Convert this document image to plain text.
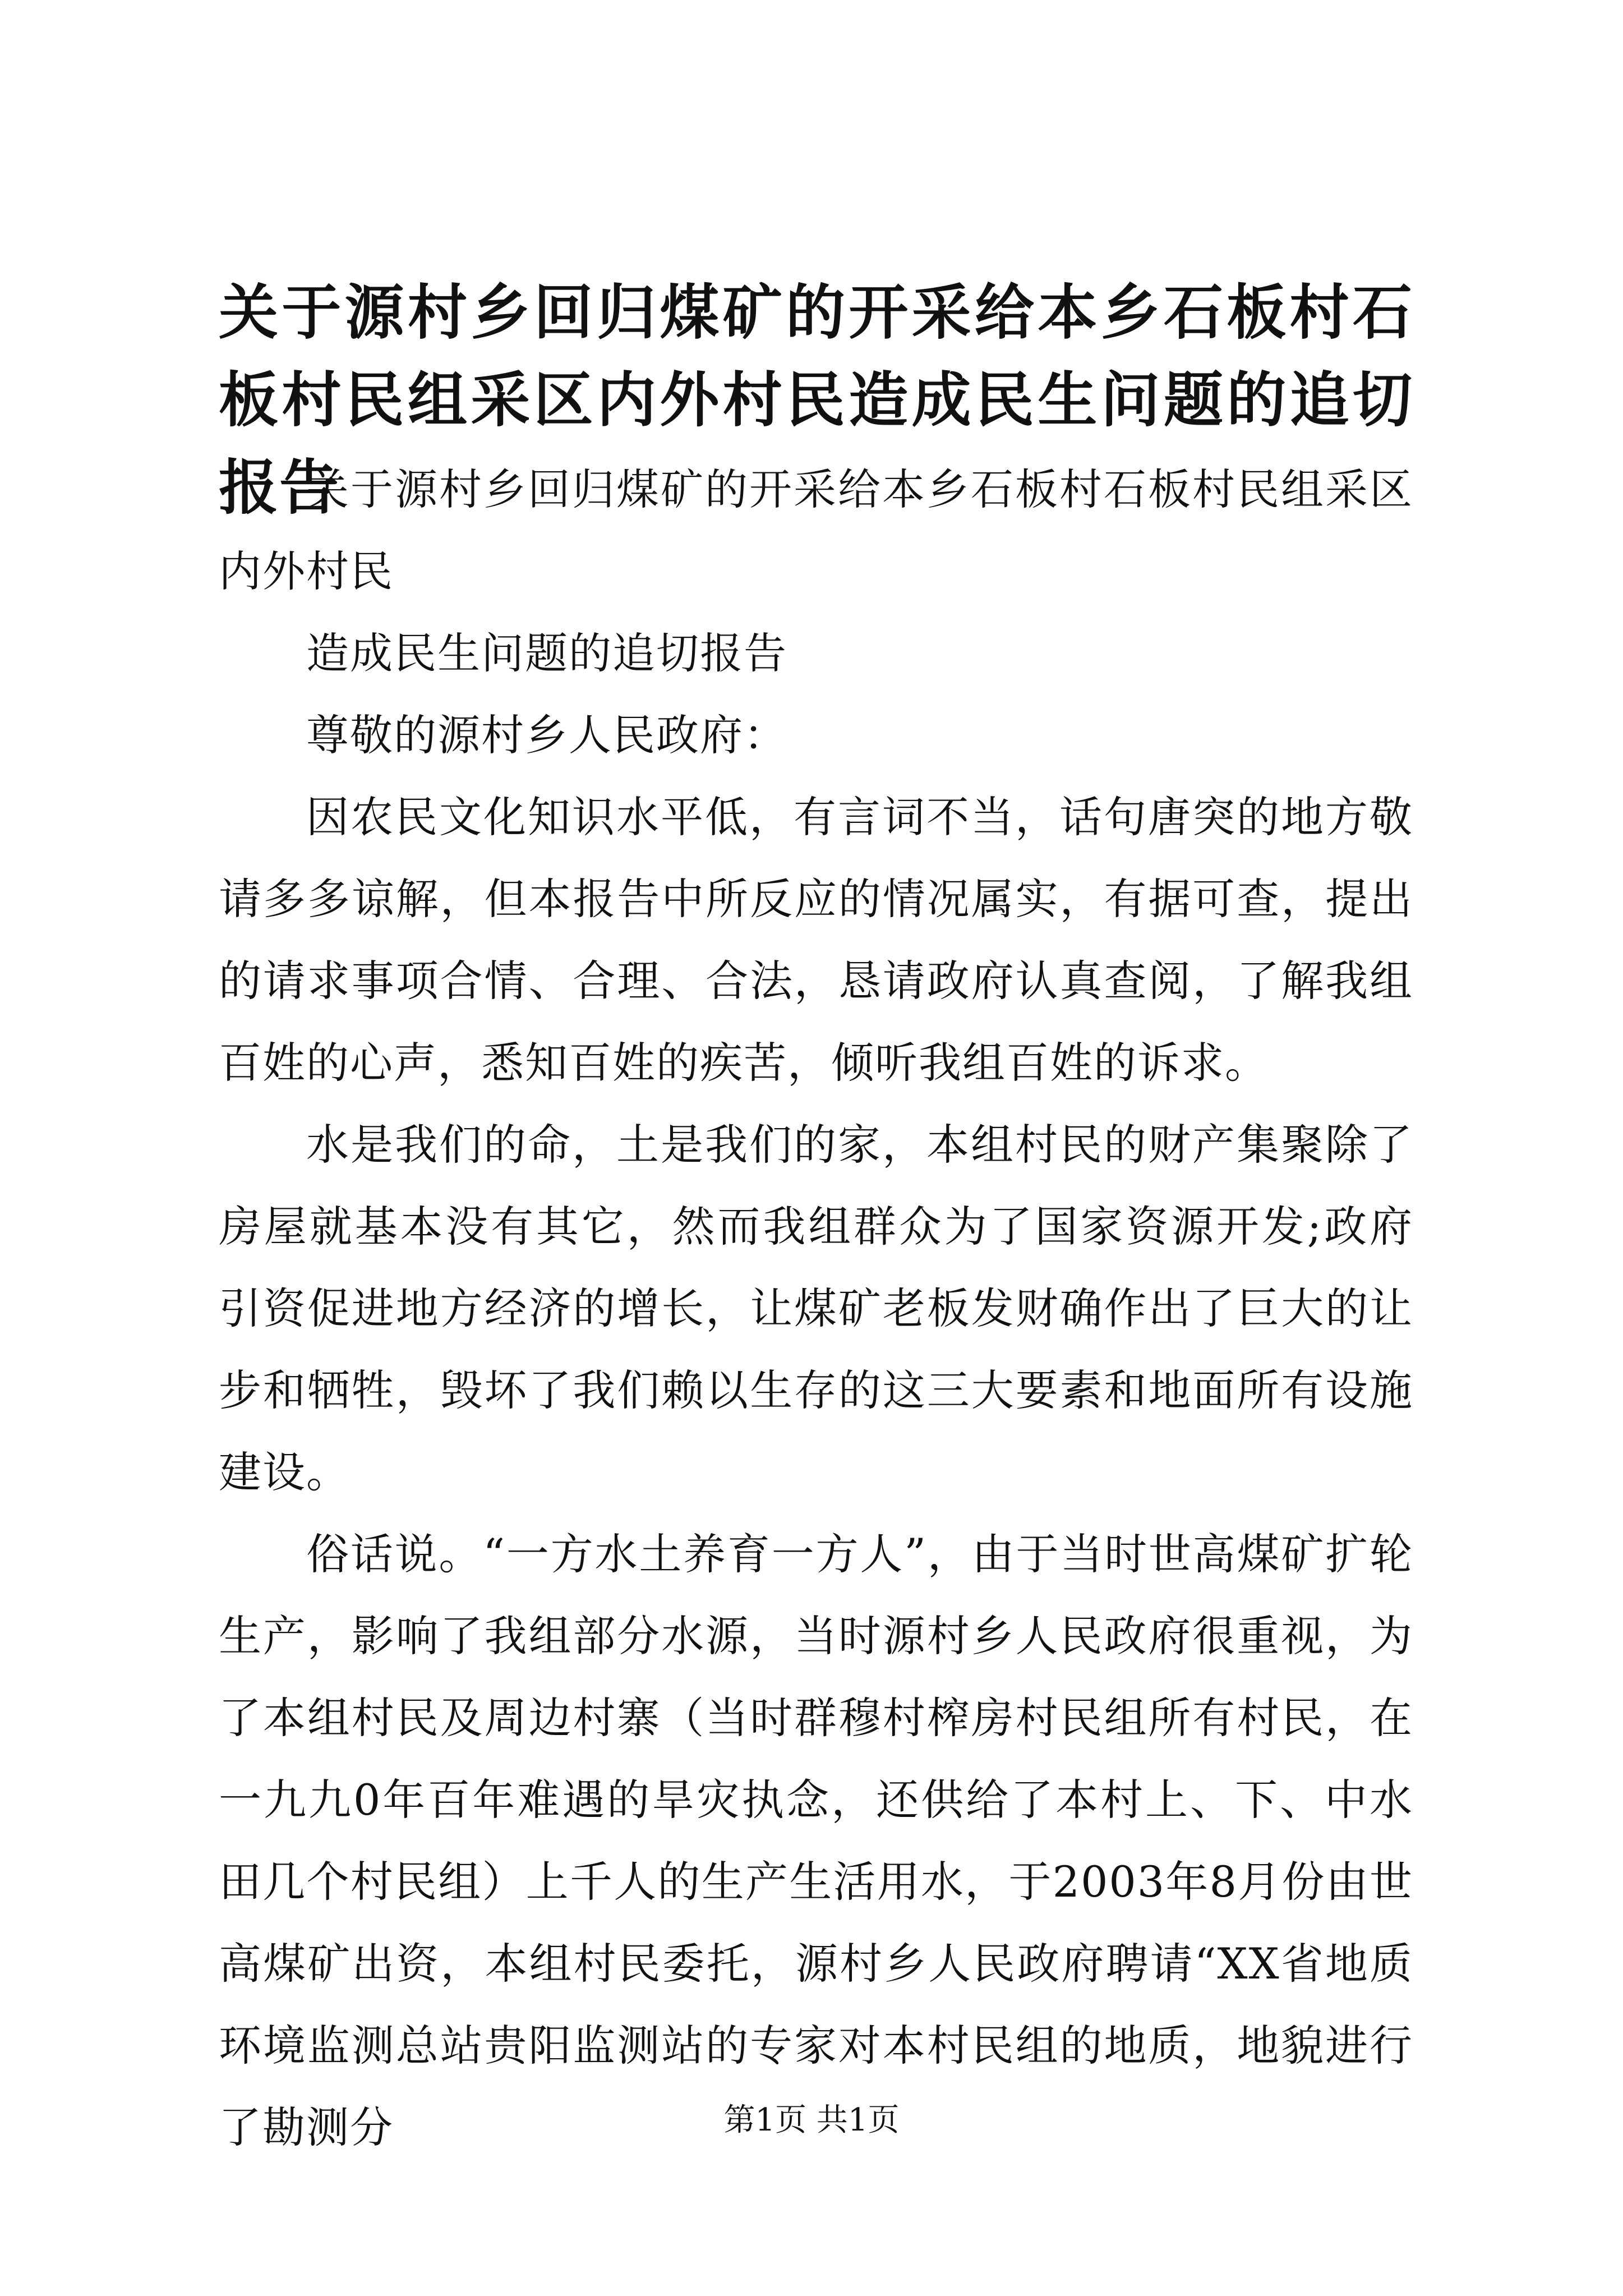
关于源村乡回归煤矿的开采给本乡石板村石板村民组采区内外村民造成民生问题的追切报告

关于源村乡回归煤矿的开采给本乡石板村石板村民组采区内外村民

造成民生问题的追切报告

尊敬的源村乡人民政府：

因农民文化知识水平低，有言词不当，话句唐突的地方敬请多多谅解，但本报告中所反应的情况属实，有据可查，提出的请求事项合情、合理、合法，恳请政府认真查阅，了解我组百姓的心声，悉知百姓的疾苦，倾听我组百姓的诉求。

水是我们的命，土是我们的家，本组村民的财产集聚除了房屋就基本没有其它，然而我组群众为了国家资源开发;政府引资促进地方经济的增长，让煤矿老板发财确作出了巨大的让步和牺牲，毁坏了我们赖以生存的这三大要素和地面所有设施建设。

俗话说。“一方水土养育一方人”，由于当时世高煤矿扩轮生产，影响了我组部分水源，当时源村乡人民政府很重视，为了本组村民及周边村寨（当时群穆村榨房村民组所有村民，在一九九0年百年难遇的旱灾执念，还供给了本村上、下、中水田几个村民组）上千人的生产生活用水，于2003年8月份由世高煤矿出资，本组村民委托，源村乡人民政府聘请“XX省地质环境监测总站贵阳监测站的专家对本村民组的地质，地貌进行了勘测分	第1页 共1页
